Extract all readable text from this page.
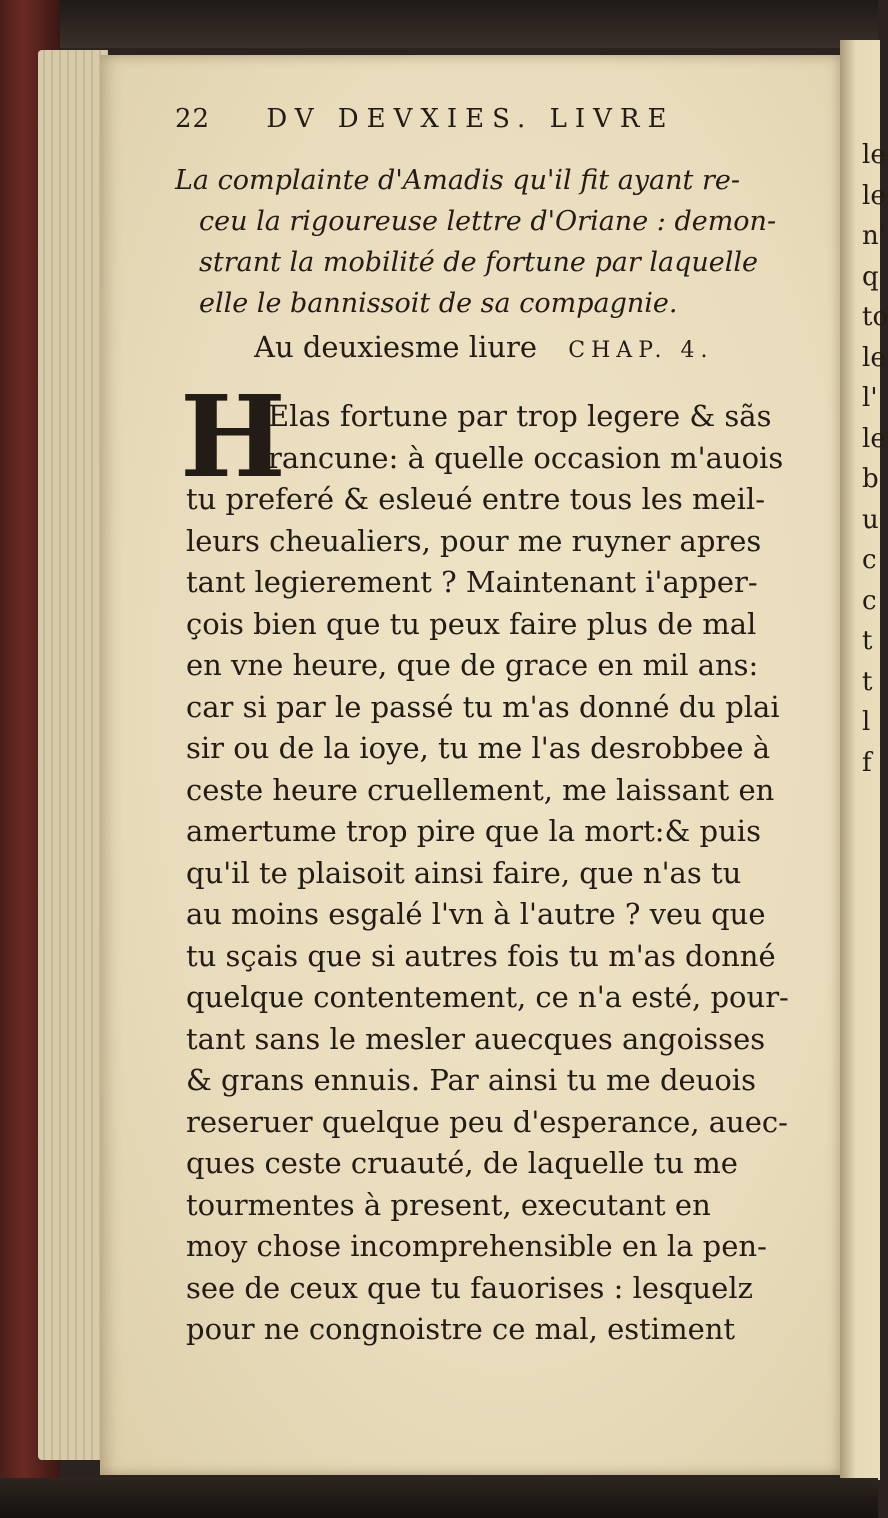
le
le
n'
q
to
le
l'
le
b
u
c
c
t
t
l
f
22 DV DEVXIES. LIVRE
La complainte d'Amadis qu'il fit ayant re-
ceu la rigoureuse lettre d'Oriane : demon-
strant la mobilité de fortune par laquelle
elle le bannissoit de sa compagnie.
Au deuxiesme liure CHAP. 4.
H
Elas fortune par trop legere & sãs
rancune: à quelle occasion m'auois
tu preferé & esleué entre tous les meil-
leurs cheualiers, pour me ruyner apres
tant legierement ? Maintenant i'apper-
çois bien que tu peux faire plus de mal
en vne heure, que de grace en mil ans:
car si par le passé tu m'as donné du plai
sir ou de la ioye, tu me l'as desrobbee à
ceste heure cruellement, me laissant en
amertume trop pire que la mort:& puis
qu'il te plaisoit ainsi faire, que n'as tu
au moins esgalé l'vn à l'autre ? veu que
tu sçais que si autres fois tu m'as donné
quelque contentement, ce n'a esté, pour-
tant sans le mesler auecques angoisses
& grans ennuis. Par ainsi tu me deuois
reseruer quelque peu d'esperance, auec-
ques ceste cruauté, de laquelle tu me
tourmentes à present, executant en
moy chose incomprehensible en la pen-
see de ceux que tu fauorises : lesquelz
pour ne congnoistre ce mal, estiment
